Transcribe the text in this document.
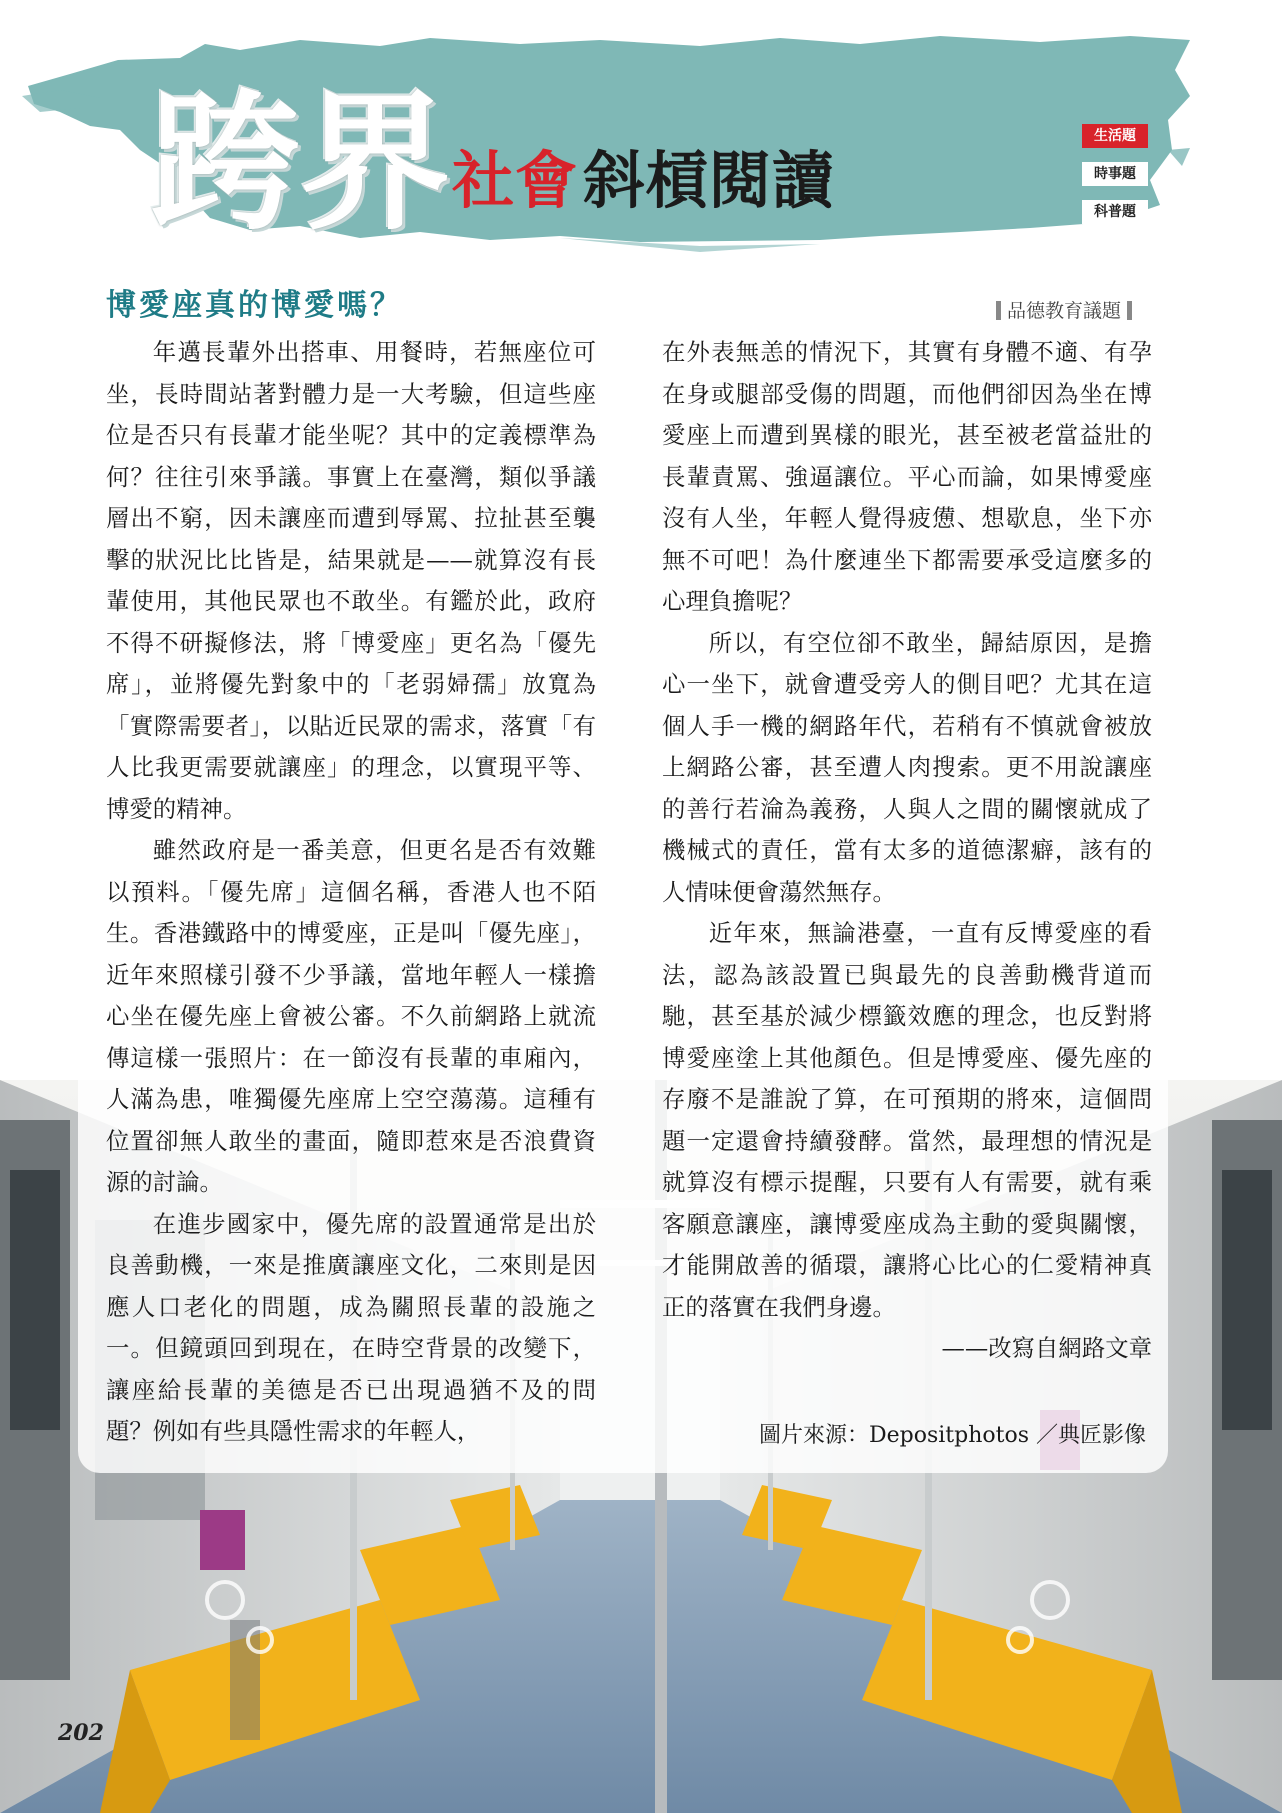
跨 界 社會 斜槓閱讀
生活題
時事題
科普題
博愛座真的博愛嗎？	品德教育議題

年邁長輩外出搭車、用餐時，若無座位可坐，長時間站著對體力是一大考驗，但這些座位是否只有長輩才能坐呢？其中的定義標準為何？往往引來爭議。事實上在臺灣，類似爭議層出不窮，因未讓座而遭到辱罵、拉扯甚至襲擊的狀況比比皆是，結果就是——就算沒有長輩使用，其他民眾也不敢坐。有鑑於此，政府不得不研擬修法，將「博愛座」更名為「優先席」，並將優先對象中的「老弱婦孺」放寬為「實際需要者」，以貼近民眾的需求，落實「有人比我更需要就讓座」的理念，以實現平等、博愛的精神。

雖然政府是一番美意，但更名是否有效難以預料。「優先席」這個名稱，香港人也不陌生。香港鐵路中的博愛座，正是叫「優先座」，近年來照樣引發不少爭議，當地年輕人一樣擔心坐在優先座上會被公審。不久前網路上就流傳這樣一張照片：在一節沒有長輩的車廂內，人滿為患，唯獨優先座席上空空蕩蕩。這種有位置卻無人敢坐的畫面，隨即惹來是否浪費資源的討論。

在進步國家中，優先席的設置通常是出於良善動機，一來是推廣讓座文化，二來則是因應人口老化的問題，成為關照長輩的設施之一。但鏡頭回到現在，在時空背景的改變下，讓座給長輩的美德是否已出現過猶不及的問題？例如有些具隱性需求的年輕人，

在外表無恙的情況下，其實有身體不適、有孕在身或腿部受傷的問題，而他們卻因為坐在博愛座上而遭到異樣的眼光，甚至被老當益壯的長輩責罵、強逼讓位。平心而論，如果博愛座沒有人坐，年輕人覺得疲憊、想歇息，坐下亦無不可吧！為什麼連坐下都需要承受這麼多的心理負擔呢？

所以，有空位卻不敢坐，歸結原因，是擔心一坐下，就會遭受旁人的側目吧？尤其在這個人手一機的網路年代，若稍有不慎就會被放上網路公審，甚至遭人肉搜索。更不用說讓座的善行若淪為義務，人與人之間的關懷就成了機械式的責任，當有太多的道德潔癖，該有的人情味便會蕩然無存。

近年來，無論港臺，一直有反博愛座的看法，認為該設置已與最先的良善動機背道而馳，甚至基於減少標籤效應的理念，也反對將博愛座塗上其他顏色。但是博愛座、優先座的存廢不是誰說了算，在可預期的將來，這個問題一定還會持續發酵。當然，最理想的情況是就算沒有標示提醒，只要有人有需要，就有乘客願意讓座，讓博愛座成為主動的愛與關懷，才能開啟善的循環，讓將心比心的仁愛精神真正的落實在我們身邊。

——改寫自網路文章

圖片來源：Depositphotos ／典匠影像
202
